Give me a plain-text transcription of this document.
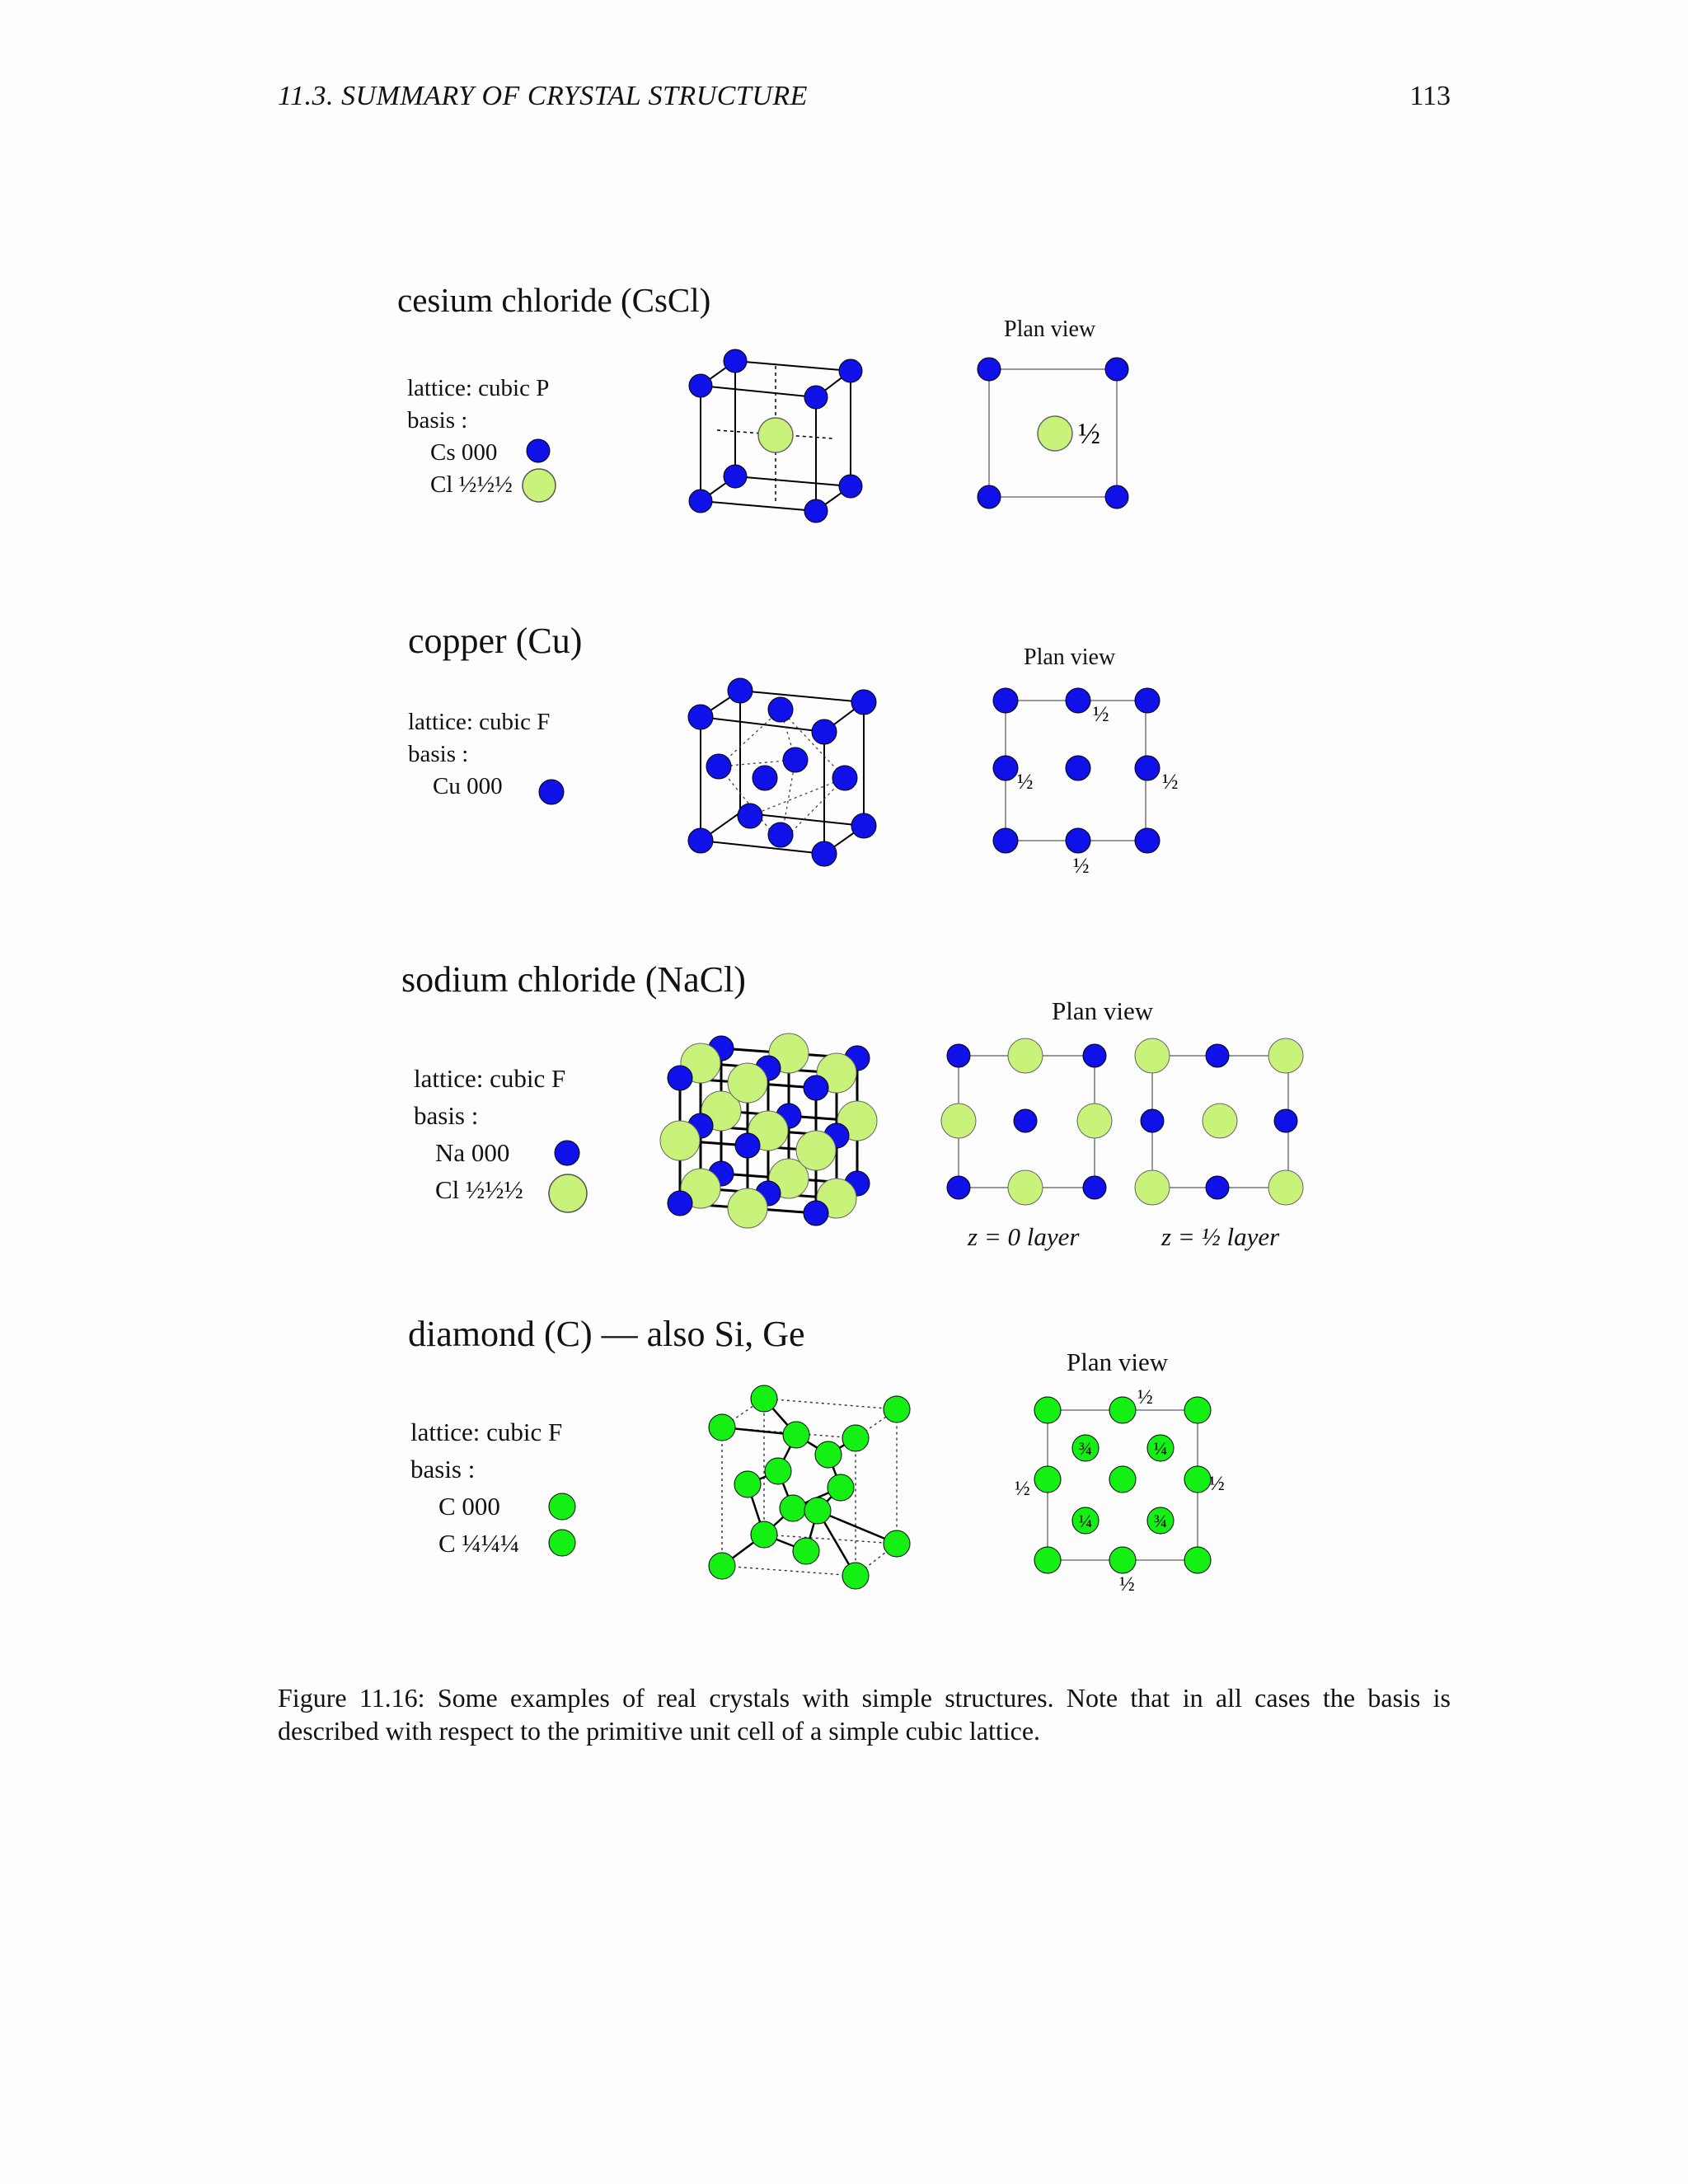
11.3. SUMMARY OF CRYSTAL STRUCTURE	113
cesium chloride (CsCl)
lattice: cubic P
basis :
Cs 000
Cl ½½½
Plan view
½
copper (Cu)
lattice: cubic F
basis :
Cu 000
Plan view
½
½	½
½
sodium chloride (NaCl)
lattice: cubic F
basis :
Na 000
Cl ½½½
Plan view
z = 0 layer	z = ½ layer
diamond (C) — also Si, Ge
lattice: cubic F
basis :
C 000
C ¼¼¼
Plan view
½
½	½
½
¾	¼
¼	¾
Figure 11.16: Some examples of real crystals with simple structures. Note that in all cases the basis is described with respect to the primitive unit cell of a simple cubic lattice.
